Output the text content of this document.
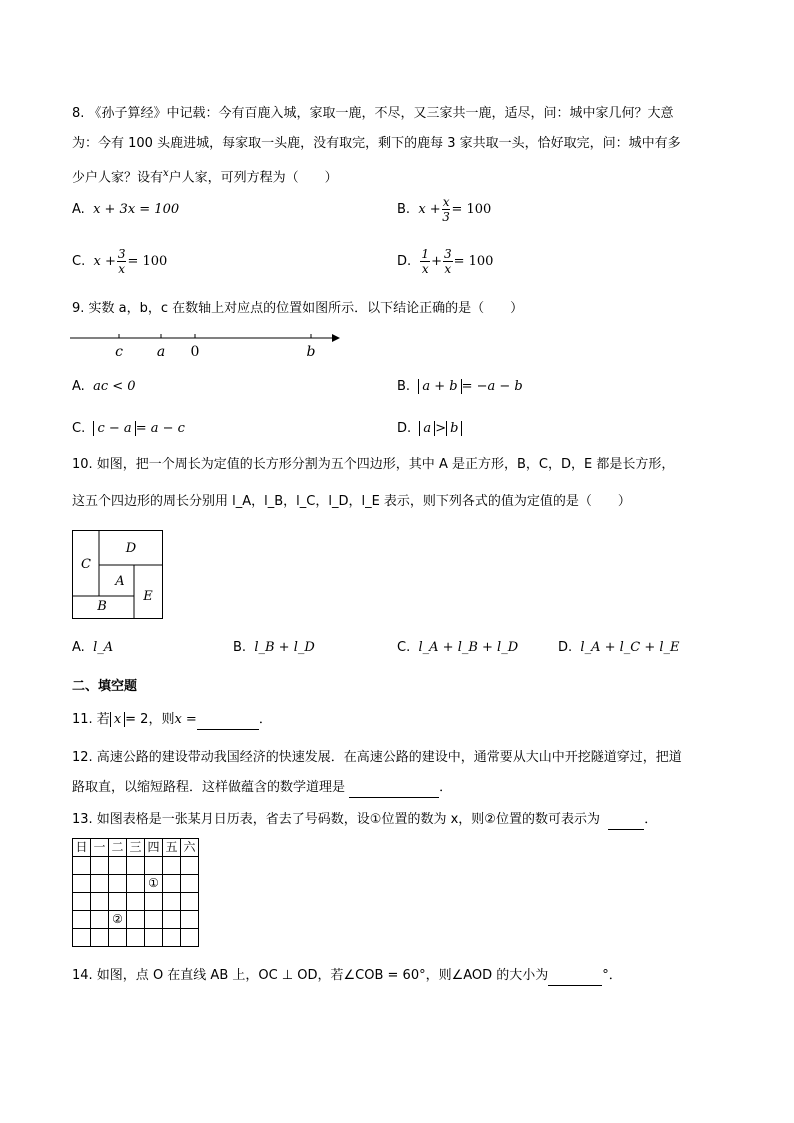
8. 《孙子算经》中记载：今有百鹿入城，家取一鹿，不尽，又三家共一鹿，适尽，问：城中家几何？大意
为：今有 100 头鹿进城，每家取一头鹿，没有取完，剩下的鹿每 3 家共取一头，恰好取完，问：城中有多
少户人家？设有$^x$户人家，可列方程为（　　）
A. x + 3x = 100	B. $x + \frac{x}{3} = 100$
C. $x + \frac{3}{x} = 100$	D. $\frac{1}{x} + \frac{3}{x} = 100$
9. 实数 a，b，c 在数轴上对应点的位置如图所示．以下结论正确的是（　　）
c a 0	b
A. ac < 0	B. a + b = −a − b
C. c − a = a − c	D. a > b
10. 如图，把一个周长为定值的长方形分割为五个四边形，其中 A 是正方形，B，C，D，E 都是长方形，
这五个四边形的周长分别用 l_A，l_B，l_C，l_D，l_E 表示，则下列各式的值为定值的是（　　）
C
D
A
B
E
A. l_A	B. l_B + l_D	C. l_A + l_B + l_D	D. l_A + l_C + l_E
二、填空题
11. 若 x = 2，则x =	．
12. 高速公路的建设带动我国经济的快速发展．在高速公路的建设中，通常要从大山中开挖隧道穿过，把道
路取直，以缩短路程．这样做蕴含的数学道理是	．
13. 如图表格是一张某月日历表，省去了号码数，设①位置的数为 x，则②位置的数可表示为	．
日	一	二	三	四	五	六

				①		

		②				

14. 如图，点 O 在直线 AB 上，OC ⊥ OD，若∠COB = 60°，则∠AOD 的大小为	°．
